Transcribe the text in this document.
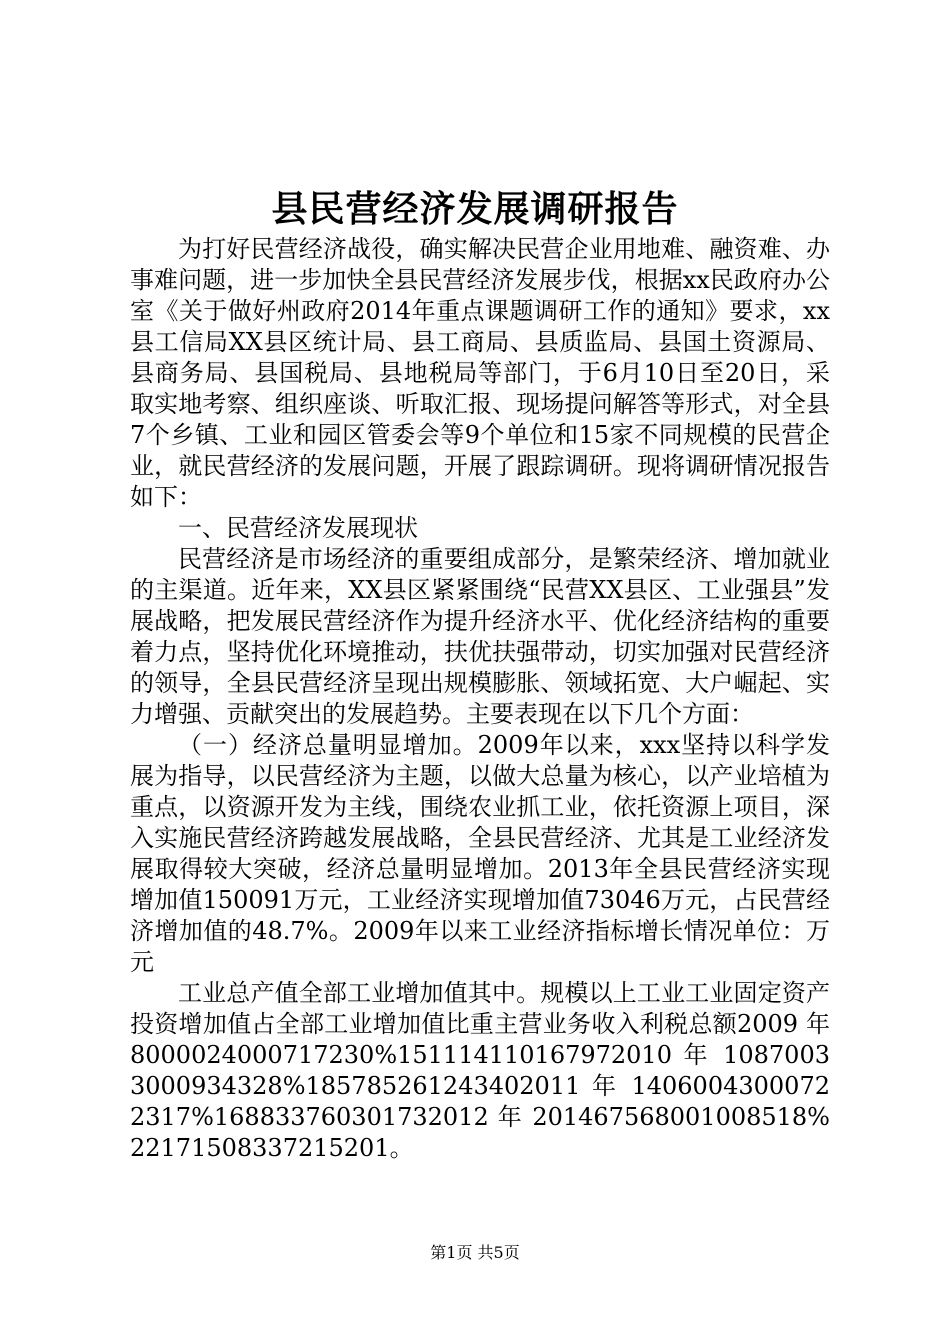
县民营经济发展调研报告

为打好民营经济战役，确实解决民营企业用地难、融资难、办事难问题，进一步加快全县民营经济发展步伐，根据xx民政府办公室《关于做好州政府2014年重点课题调研工作的通知》要求，xx县工信局XX县区统计局、县工商局、县质监局、县国土资源局、县商务局、县国税局、县地税局等部门，于6月10日至20日，采取实地考察、组织座谈、听取汇报、现场提问解答等形式，对全县7个乡镇、工业和园区管委会等9个单位和15家不同规模的民营企业，就民营经济的发展问题，开展了跟踪调研。现将调研情况报告如下：

一、民营经济发展现状

民营经济是市场经济的重要组成部分，是繁荣经济、增加就业的主渠道。近年来，XX县区紧紧围绕“民营XX县区、工业强县”发展战略，把发展民营经济作为提升经济水平、优化经济结构的重要着力点，坚持优化环境推动，扶优扶强带动，切实加强对民营经济的领导，全县民营经济呈现出规模膨胀、领域拓宽、大户崛起、实力增强、贡献突出的发展趋势。主要表现在以下几个方面：

（一）经济总量明显增加。2009年以来，xxx坚持以科学发展为指导，以民营经济为主题，以做大总量为核心，以产业培植为重点，以资源开发为主线，围绕农业抓工业，依托资源上项目，深入实施民营经济跨越发展战略，全县民营经济、尤其是工业经济发展取得较大突破，经济总量明显增加。2013年全县民营经济实现增加值150091万元，工业经济实现增加值73046万元，占民营经济增加值的48.7%。2009年以来工业经济指标增长情况单位：万元

工业总产值全部工业增加值其中。规模以上工业工业固定资产投资增加值占全部工业增加值比重主营业务收入利税总额2009 年 800002400071723​0%1511141101679720​10 年 10870033000934328%185785261243402011 年 14060043000722317%168833760301732012 年 201467568001008518%22171508337215201。

第1页 共5页
